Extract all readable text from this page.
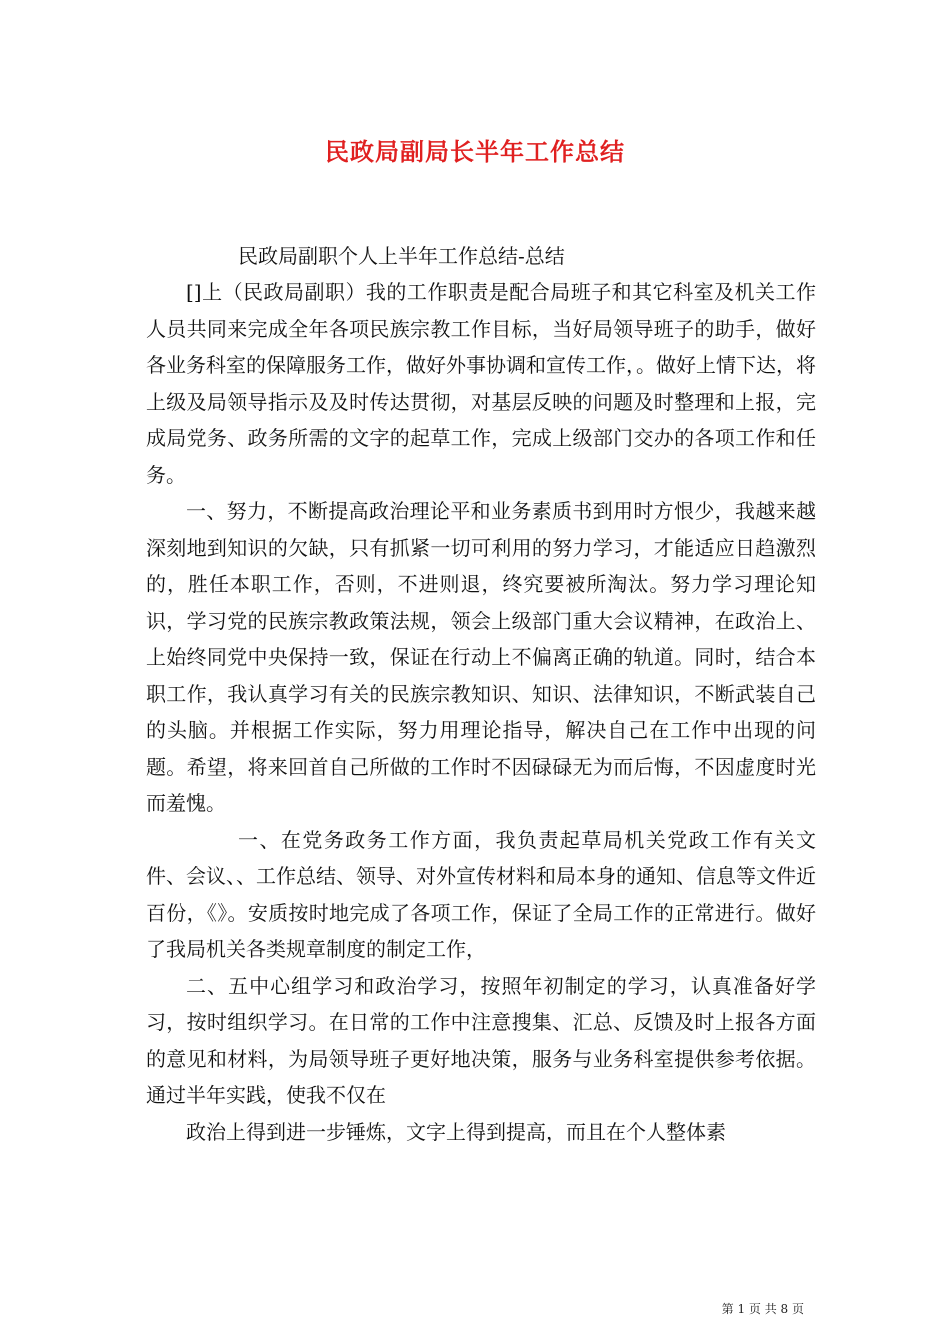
民政局副局长半年工作总结
民政局副职个人上半年工作总结-总结

[]上（民政局副职）我的工作职责是配合局班子和其它科室及机关工作人员共同来完成全年各项民族宗教工作目标，当好局领导班子的助手，做好各业务科室的保障服务工作，做好外事协调和宣传工作，。做好上情下达，将上级及局领导指示及及时传达贯彻，对基层反映的问题及时整理和上报，完成局党务、政务所需的文字的起草工作，完成上级部门交办的各项工作和任务。

一、努力，不断提高政治理论平和业务素质书到用时方恨少，我越来越深刻地到知识的欠缺，只有抓紧一切可利用的努力学习，才能适应日趋激烈的，胜任本职工作，否则，不进则退，终究要被所淘汰。努力学习理论知识，学习党的民族宗教政策法规，领会上级部门重大会议精神，在政治上、上始终同党中央保持一致，保证在行动上不偏离正确的轨道。同时，结合本职工作，我认真学习有关的民族宗教知识、知识、法律知识，不断武装自己的头脑。并根据工作实际，努力用理论指导，解决自己在工作中出现的问题。希望，将来回首自己所做的工作时不因碌碌无为而后悔，不因虚度时光而羞愧。

一、在党务政务工作方面，我负责起草局机关党政工作有关文件、会议、、工作总结、领导、对外宣传材料和局本身的通知、信息等文件近百份，《》。安质按时地完成了各项工作，保证了全局工作的正常进行。做好了我局机关各类规章制度的制定工作，

二、五中心组学习和政治学习，按照年初制定的学习，认真准备好学习，按时组织学习。在日常的工作中注意搜集、汇总、反馈及时上报各方面的意见和材料，为局领导班子更好地决策，服务与业务科室提供参考依据。通过半年实践，使我不仅在

政治上得到进一步锤炼，文字上得到提高，而且在个人整体素

第 1 页 共 8 页
